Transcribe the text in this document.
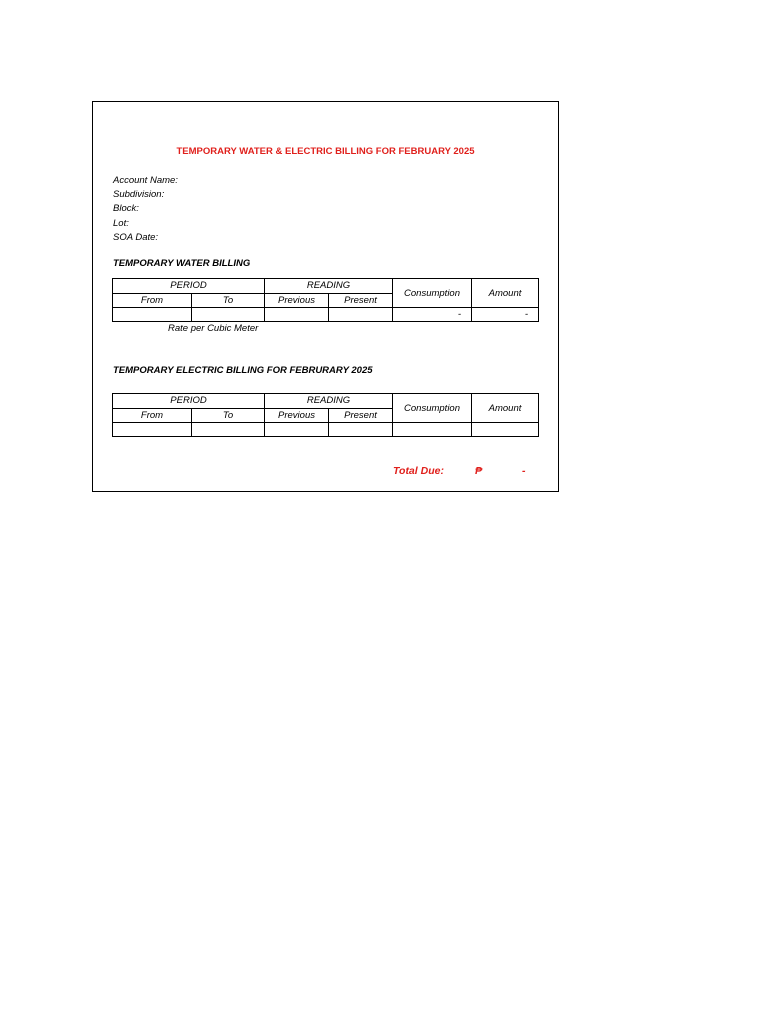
TEMPORARY WATER & ELECTRIC BILLING FOR FEBRUARY 2025
Account Name:
Subdivision:
Block:
Lot:
SOA Date:
TEMPORARY WATER BILLING
PERIOD		READING		Consumption	Amount
From	To	Previous	Present		
				-	-
Rate per Cubic Meter
TEMPORARY ELECTRIC BILLING FOR FEBRURARY 2025
PERIOD		READING		Consumption	Amount
From	To	Previous	Present		

Total Due:	₱	-
